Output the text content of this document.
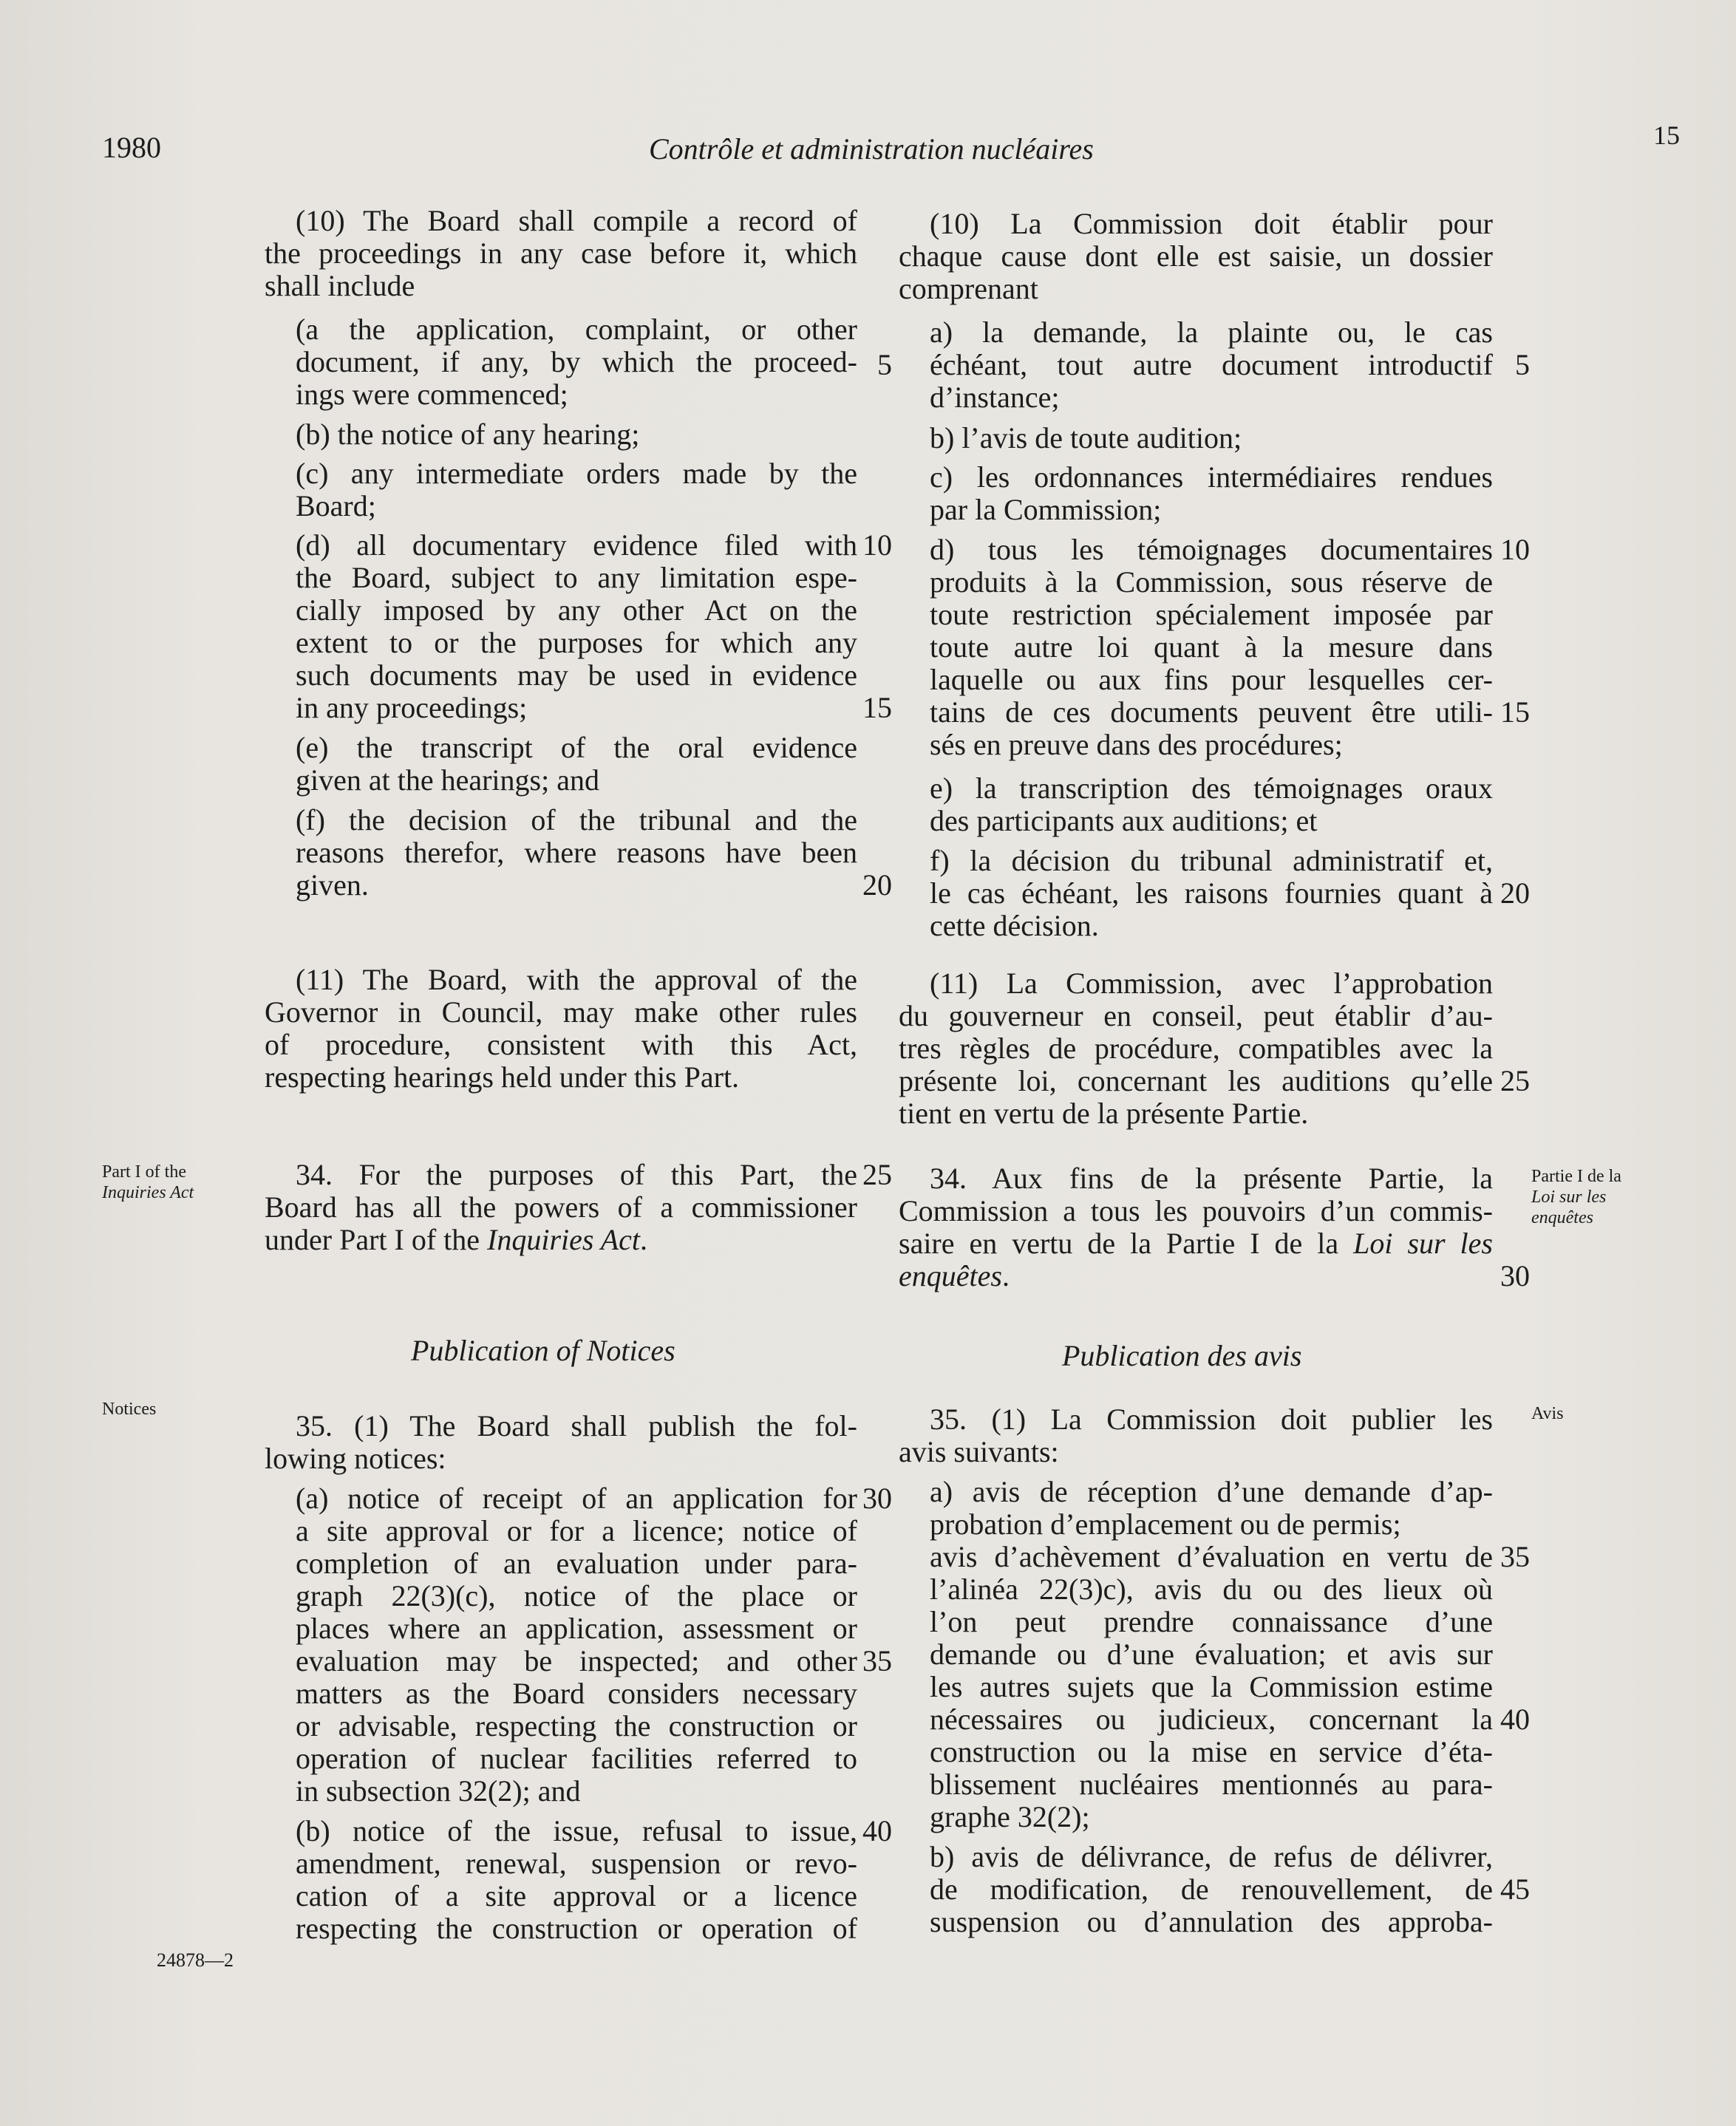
1980	Contrôle et administration nucléaires	15
(10) The Board shall compile a record of
the proceedings in any case before it, which
shall include
(a the application, complaint, or other
document, if any, by which the proceed-
ings were commenced;
(b) the notice of any hearing;
(c) any intermediate orders made by the
Board;
(d) all documentary evidence filed with
the Board, subject to any limitation espe-
cially imposed by any other Act on the
extent to or the purposes for which any
such documents may be used in evidence
in any proceedings;
(e) the transcript of the oral evidence
given at the hearings; and
(f) the decision of the tribunal and the
reasons therefor, where reasons have been
given.
(11) The Board, with the approval of the
Governor in Council, may make other rules
of procedure, consistent with this Act,
respecting hearings held under this Part.
34. For the purposes of this Part, the
Board has all the powers of a commissioner
under Part I of the Inquiries Act.
35. (1) The Board shall publish the fol-
lowing notices:
(a) notice of receipt of an application for
a site approval or for a licence; notice of
completion of an evaluation under para-
graph 22(3)(c), notice of the place or
places where an application, assessment or
evaluation may be inspected; and other
matters as the Board considers necessary
or advisable, respecting the construction or
operation of nuclear facilities referred to
in subsection 32(2); and
(b) notice of the issue, refusal to issue,
amendment, renewal, suspension or revo-
cation of a site approval or a licence
respecting the construction or operation of
5
10
15
20
25
30
35
40
(10) La Commission doit établir pour
chaque cause dont elle est saisie, un dossier
comprenant
a) la demande, la plainte ou, le cas
échéant, tout autre document introductif
d’instance;
b) l’avis de toute audition;
c) les ordonnances intermédiaires rendues
par la Commission;
d) tous les témoignages documentaires
produits à la Commission, sous réserve de
toute restriction spécialement imposée par
toute autre loi quant à la mesure dans
laquelle ou aux fins pour lesquelles cer-
tains de ces documents peuvent être utili-
sés en preuve dans des procédures;
e) la transcription des témoignages oraux
des participants aux auditions; et
f) la décision du tribunal administratif et,
le cas échéant, les raisons fournies quant à
cette décision.
(11) La Commission, avec l’approbation
du gouverneur en conseil, peut établir d’au-
tres règles de procédure, compatibles avec la
présente loi, concernant les auditions qu’elle
tient en vertu de la présente Partie.
34. Aux fins de la présente Partie, la
Commission a tous les pouvoirs d’un commis-
saire en vertu de la Partie I de la Loi sur les
enquêtes.
35. (1) La Commission doit publier les
avis suivants:
a) avis de réception d’une demande d’ap-
probation d’emplacement ou de permis;
avis d’achèvement d’évaluation en vertu de
l’alinéa 22(3)c), avis du ou des lieux où
l’on peut prendre connaissance d’une
demande ou d’une évaluation; et avis sur
les autres sujets que la Commission estime
nécessaires ou judicieux, concernant la
construction ou la mise en service d’éta-
blissement nucléaires mentionnés au para-
graphe 32(2);
b) avis de délivrance, de refus de délivrer,
de modification, de renouvellement, de
suspension ou d’annulation des approba-
5
10
15
20
25
30
35
40
45
Part I of the
Inquiries Act
Partie I de la
Loi sur les
enquêtes
Notices	Avis
Publication of Notices	Publication des avis
24878—2
